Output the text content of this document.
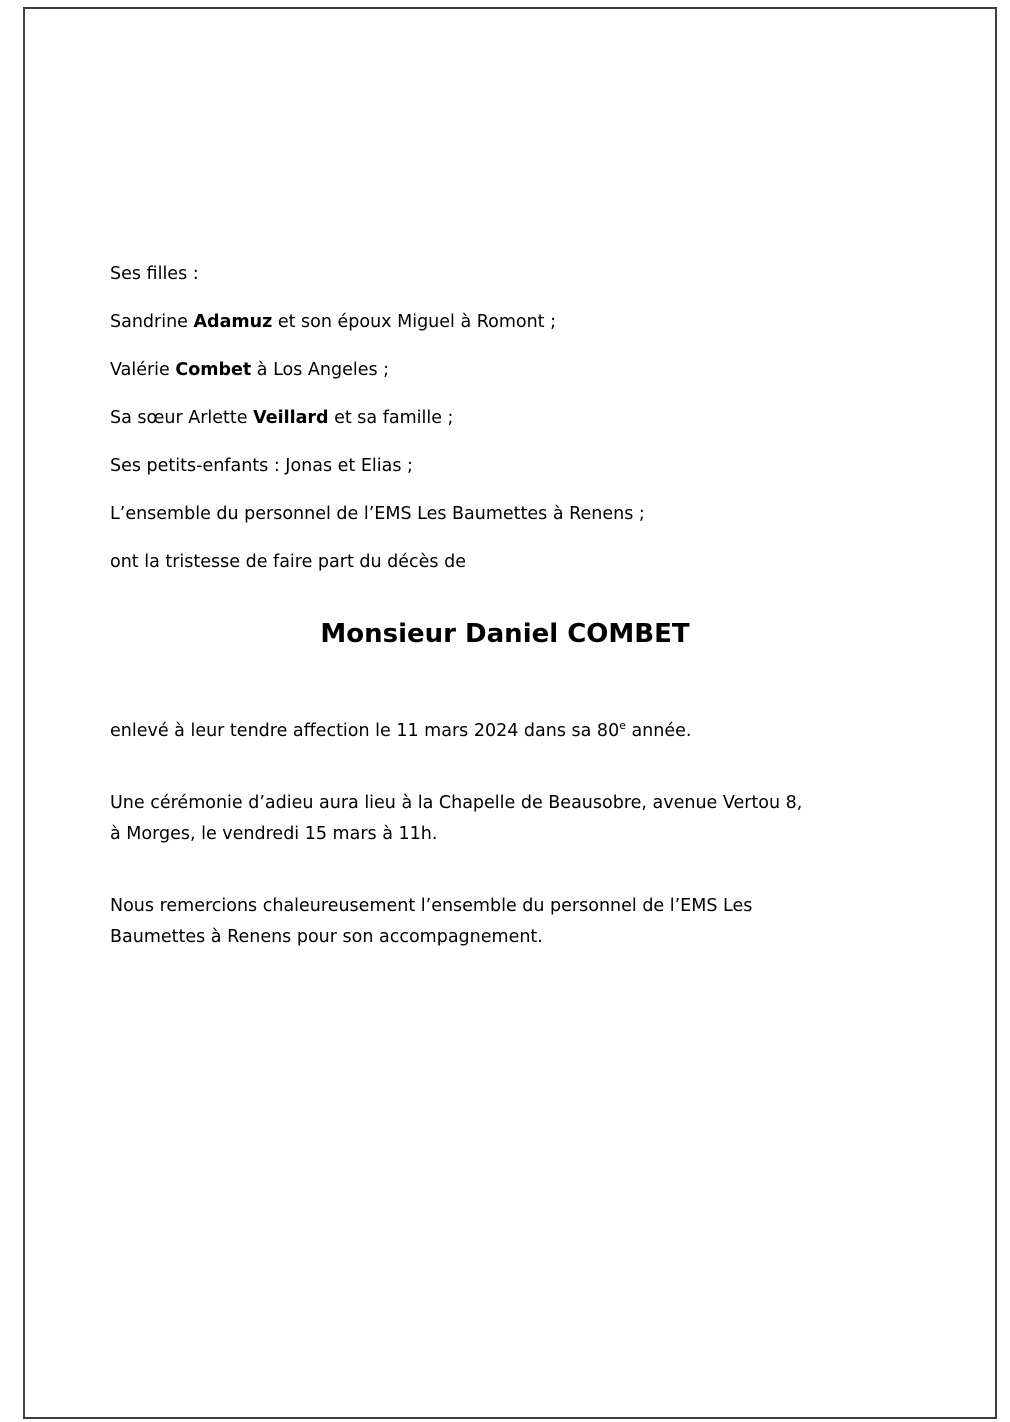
Ses filles :
Sandrine Adamuz et son époux Miguel à Romont ;
Valérie Combet à Los Angeles ;
Sa sœur Arlette Veillard et sa famille ;
Ses petits-enfants : Jonas et Elias ;
L’ensemble du personnel de l’EMS Les Baumettes à Renens ;
ont la tristesse de faire part du décès de
Monsieur Daniel COMBET
enlevé à leur tendre affection le 11 mars 2024 dans sa 80e année.
Une cérémonie d’adieu aura lieu à la Chapelle de Beausobre, avenue Vertou 8,
à Morges, le vendredi 15 mars à 11h.
Nous remercions chaleureusement l’ensemble du personnel de l’EMS Les
Baumettes à Renens pour son accompagnement.
